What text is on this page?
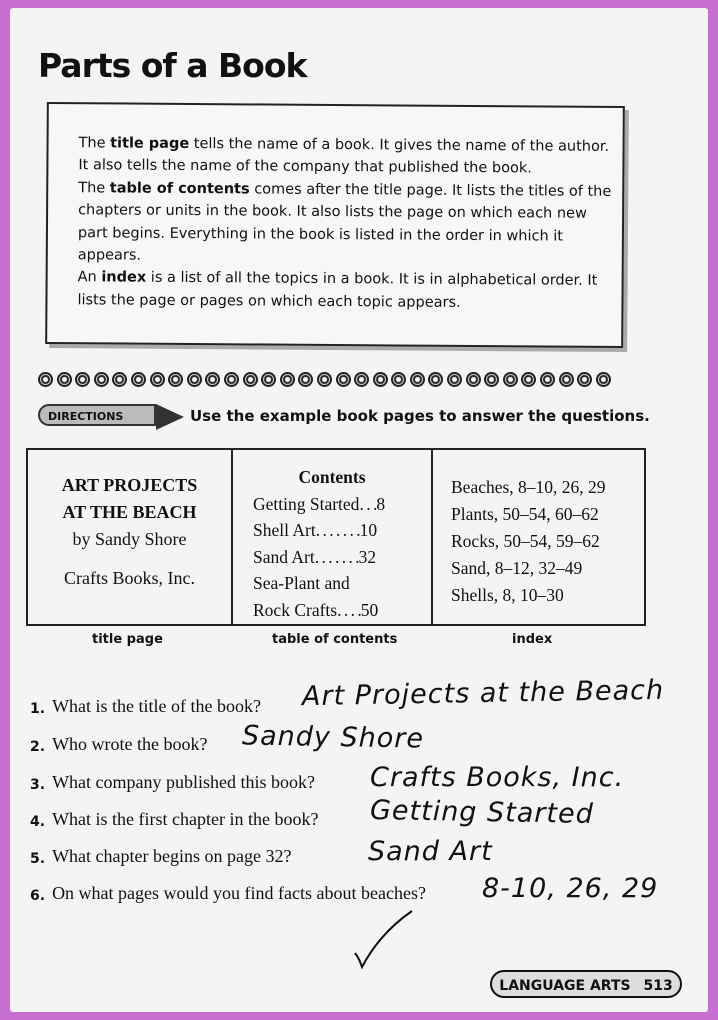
Parts of a Book

The title page tells the name of a book. It gives the name of the author. It also tells the name of the company that published the book.

The table of contents comes after the title page. It lists the titles of the chapters or units in the book. It also lists the page on which each new part begins. Everything in the book is listed in the order in which it appears.

An index is a list of all the topics in a book. It is in alphabetical order. It lists the page or pages on which each topic appears.

DIRECTIONS	Use the example book pages to answer the questions.
ART PROJECTS
AT THE BEACH
by Sandy Shore
Crafts Books, Inc.
Contents
Getting Started . . . 8
Shell Art . . . . . . . 10
Sand Art . . . . . . . 32
Sea-Plant and
Rock Crafts . . . . 50
Beaches, 8–10, 26, 29
Plants, 50–54, 60–62
Rocks, 50–54, 59–62
Sand, 8–12, 32–49
Shells, 8, 10–30
title page	table of contents	index
1. What is the title of the book? Art Projects at the Beach
2. Who wrote the book? Sandy Shore
3. What company published this book? Crafts Books, Inc.
4. What is the first chapter in the book? Getting Started
5. What chapter begins on page 32?	Sand Art
6. On what pages would you find facts about beaches? 8-10, 26, 29
LANGUAGE ARTS 513
